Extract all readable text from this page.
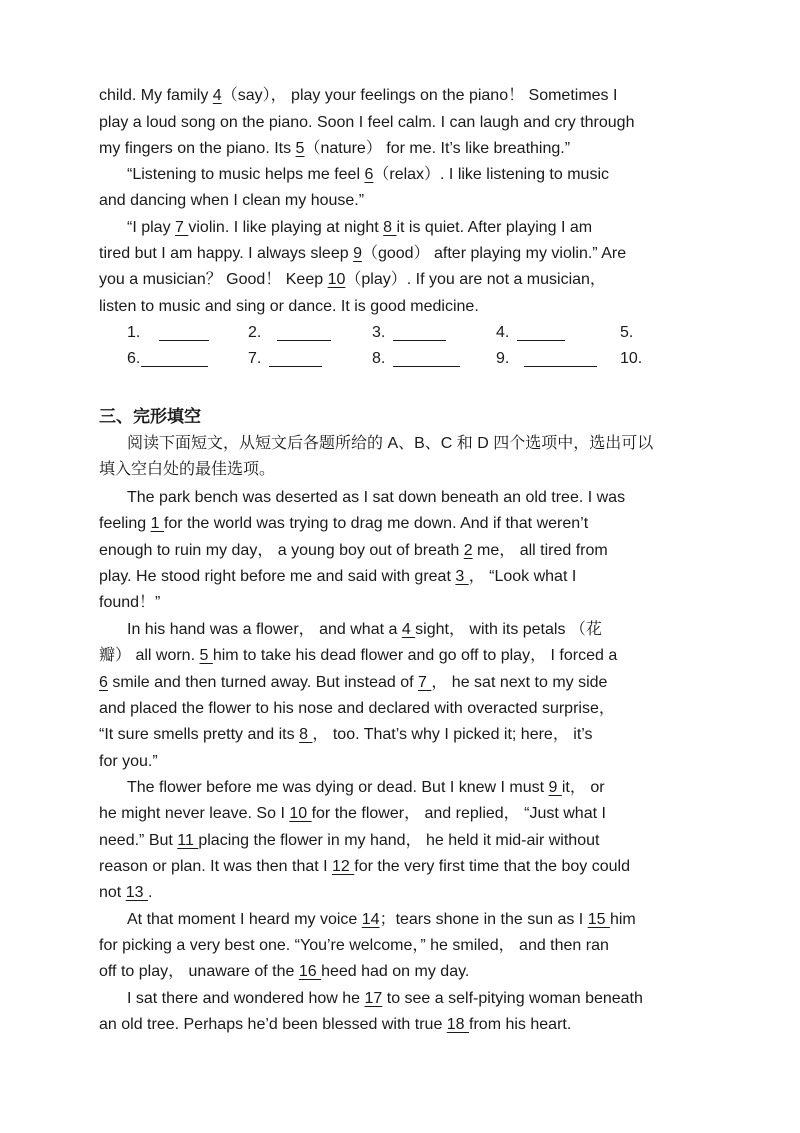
child. My family 4（say）， play your feelings on the piano！ Sometimes I
play a loud song on the piano. Soon I feel calm. I can laugh and cry through
my fingers on the piano. Its 5（nature） for me. It’s like breathing.”
“Listening to music helps me feel 6（relax）. I like listening to music
and dancing when I clean my house.”
“I play 7 violin. I like playing at night 8 it is quiet. After playing I am
tired but I am happy. I always sleep 9（good） after playing my violin.” Are
you a musician？ Good！ Keep 10（play）. If you are not a musician，
listen to music and sing or dance. It is good medicine.
1.	2.	3.	4.	5.
6.	7.	8.	9.	10.
三、完形填空
阅读下面短文，从短文后各题所给的 A、B、C 和 D 四个选项中，选出可以
填入空白处的最佳选项。
The park bench was deserted as I sat down beneath an old tree. I was
feeling 1 for the world was trying to drag me down. And if that weren’t
enough to ruin my day， a young boy out of breath 2 me， all tired from
play. He stood right before me and said with great 3 ， “Look what I
found！”
In his hand was a flower， and what a 4 sight， with its petals （花
瓣） all worn. 5 him to take his dead flower and go off to play， I forced a
6 smile and then turned away. But instead of 7 ， he sat next to my side
and placed the flower to his nose and declared with overacted surprise，
“It sure smells pretty and its 8 ， too. That’s why I picked it; here， it’s
for you.”
The flower before me was dying or dead. But I knew I must 9 it， or
he might never leave. So I 10 for the flower， and replied， “Just what I
need.” But 11 placing the flower in my hand， he held it mid-air without
reason or plan. It was then that I 12 for the very first time that the boy could
not 13 .
At that moment I heard my voice 14；tears shone in the sun as I 15 him
for picking a very best one. “You’re welcome，” he smiled， and then ran
off to play， unaware of the 16 heed had on my day.
I sat there and wondered how he 17 to see a self-pitying woman beneath
an old tree. Perhaps he’d been blessed with true 18 from his heart.
